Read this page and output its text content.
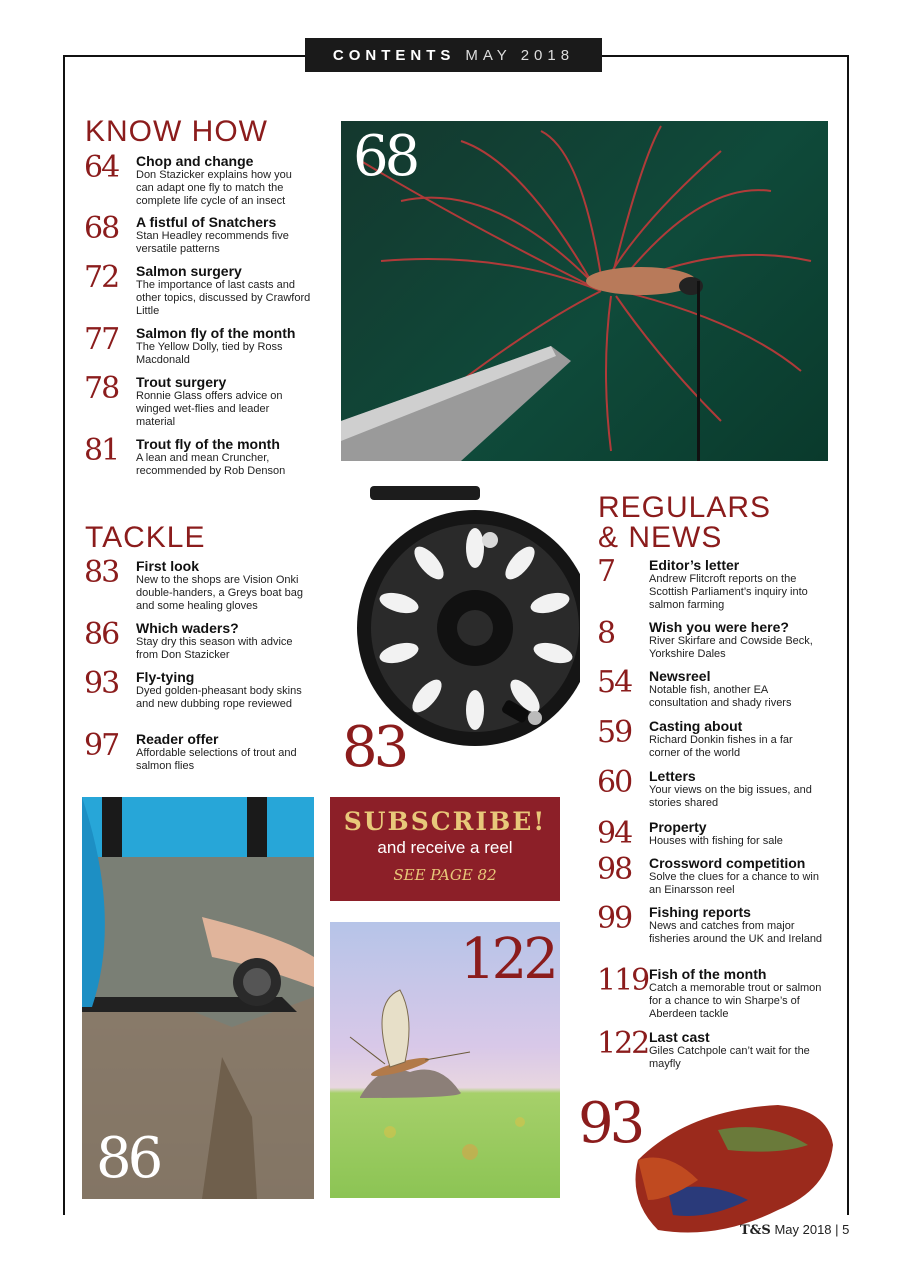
CONTENTS MAY 2018
KNOW HOW
64	Chop and change
Don Stazicker explains how you can adapt one fly to match the complete life cycle of an insect
68	A fistful of Snatchers
Stan Headley recommends five versatile patterns
72	Salmon surgery
The importance of last casts and other topics, discussed by Crawford Little
77	Salmon fly of the month
The Yellow Dolly, tied by Ross Macdonald
78	Trout surgery
Ronnie Glass offers advice on winged wet-flies and leader material
81	Trout fly of the month
A lean and mean Cruncher, recommended by Rob Denson
TACKLE
83	First look
New to the shops are Vision Onki double-handers, a Greys boat bag and some healing gloves
86	Which waders?
Stay dry this season with advice from Don Stazicker
93	Fly-tying
Dyed golden-pheasant body skins and new dubbing rope reviewed
97	Reader offer
Affordable selections of trout and salmon flies
REGULARS
& NEWS
7	Editor’s letter
Andrew Flitcroft reports on the Scottish Parliament’s inquiry into salmon farming
8	Wish you were here?
River Skirfare and Cowside Beck, Yorkshire Dales
54	Newsreel
Notable fish, another EA consultation and shady rivers
59	Casting about
Richard Donkin fishes in a far corner of the world
60	Letters
Your views on the big issues, and stories shared
94	Property
Houses with fishing for sale
98	Crossword competition
Solve the clues for a chance to win an Einarsson reel
99	Fishing reports
News and catches from major fisheries around the UK and Ireland
119 Fish of the month
Catch a memorable trout or salmon for a chance to win Sharpe’s of Aberdeen tackle
122 Last cast
Giles Catchpole can’t wait for the mayfly
68
83
86
SUBSCRIBE!
and receive a reel
SEE PAGE 82
122
93
T&S May 2018 | 5
